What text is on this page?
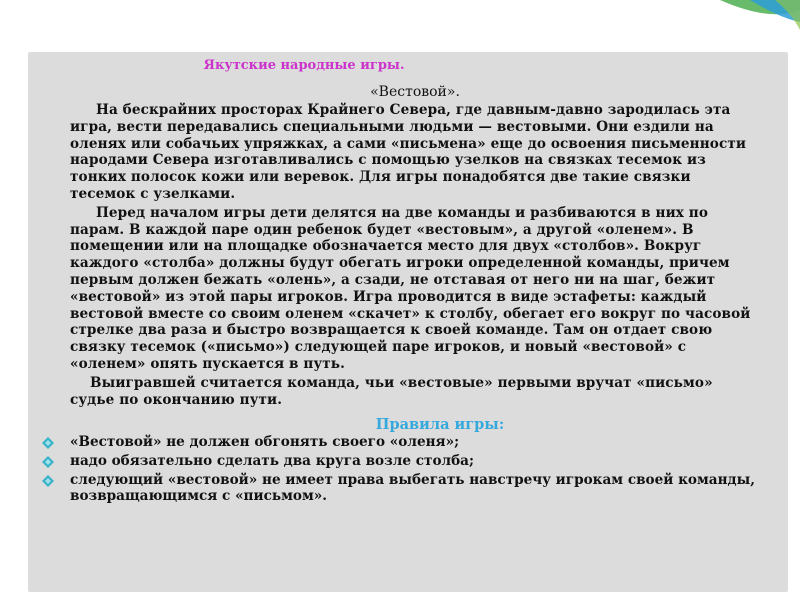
Якутские народные игры.
«Вестовой».

На бескрайних просторах Крайнего Севера, где давным-давно зародилась эта игра, вести передавались специальными людьми — вестовыми. Они ездили на оленях или собачьих упряжках, а сами «письмена» еще до освоения письменности народами Севера изготавливались с помощью узелков на связках тесемок из тонких полосок кожи или веревок. Для игры понадобятся две такие связки тесемок с узелками.

Перед началом игры дети делятся на две команды и разбиваются в них по парам. В каждой паре один ребенок будет «вестовым», а другой «оленем». В помещении или на площадке обозначается место для двух «столбов». Вокруг каждого «столба» должны будут обегать игроки определенной команды, причем первым должен бежать «олень», а сзади, не отставая от него ни на шаг, бежит «вестовой» из этой пары игроков. Игра проводится в виде эстафеты: каждый вестовой вместе со своим оленем «скачет» к столбу, обегает его вокруг по часовой стрелке два раза и быстро возвращается к своей команде. Там он отдает свою связку тесемок («письмо») следующей паре игроков, и новый «вестовой» с «оленем» опять пускается в путь.

Выигравшей считается команда, чьи «вестовые» первыми вручат «письмо» судье по окончанию пути.

Правила игры:
«Вестовой» не должен обгонять своего «оленя»;
надо обязательно сделать два круга возле столба;
следующий «вестовой» не имеет права выбегать навстречу игрокам своей команды, возвращающимся с «письмом».
